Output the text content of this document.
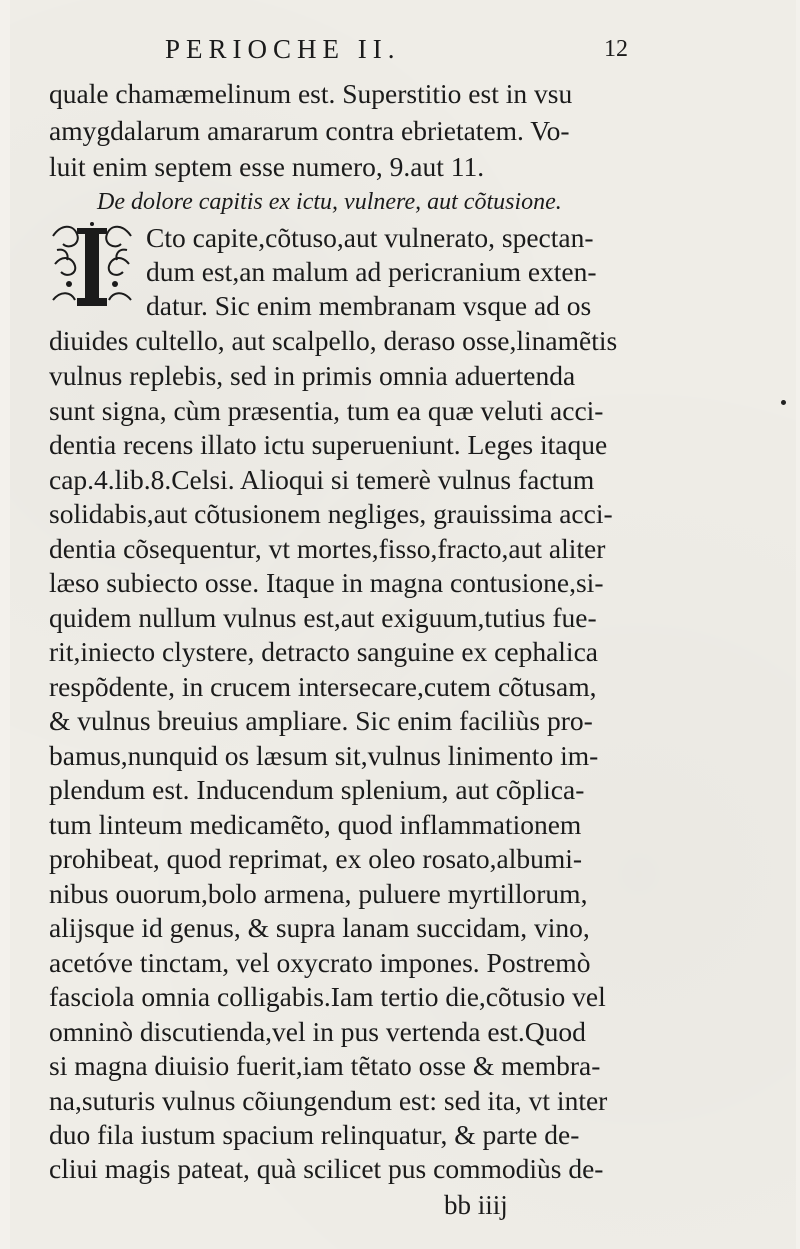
PERIOCHE II.	12
quale chamæmelinum est. Superstitio est in vsu
amygdalarum amararum contra ebrietatem. Vo-
luit enim septem esse numero, 9.aut 11.
De dolore capitis ex ictu, vulnere, aut cõtusione.
Cto capite,cõtuso,aut vulnerato, spectan-
dum est,an malum ad pericranium exten-
datur. Sic enim membranam vsque ad os
diuides cultello, aut scalpello, deraso osse,linamẽtis
vulnus replebis, sed in primis omnia aduertenda
sunt signa, cùm præsentia, tum ea quæ veluti acci-
dentia recens illato ictu superueniunt. Leges itaque
cap.4.lib.8.Celsi. Alioqui si temerè vulnus factum
solidabis,aut cõtusionem negliges, grauissima acci-
dentia cõsequentur, vt mortes,fisso,fracto,aut aliter
læso subiecto osse. Itaque in magna contusione,si-
quidem nullum vulnus est,aut exiguum,tutius fue-
rit,iniecto clystere, detracto sanguine ex cephalica
respõdente, in crucem intersecare,cutem cõtusam,
& vulnus breuius ampliare. Sic enim faciliùs pro-
bamus,nunquid os læsum sit,vulnus linimento im-
plendum est. Inducendum splenium, aut cõplica-
tum linteum medicamẽto, quod inflammationem
prohibeat, quod reprimat, ex oleo rosato,albumi-
nibus ouorum,bolo armena, puluere myrtillorum,
alijsque id genus, & supra lanam succidam, vino,
acetóve tinctam, vel oxycrato impones. Postremò
fasciola omnia colligabis.Iam tertio die,cõtusio vel
omninò discutienda,vel in pus vertenda est.Quod
si magna diuisio fuerit,iam tẽtato osse & membra-
na,suturis vulnus cõiungendum est: sed ita, vt inter
duo fila iustum spacium relinquatur, & parte de-
cliui magis pateat, quà scilicet pus commodiùs de-
bb iiij
